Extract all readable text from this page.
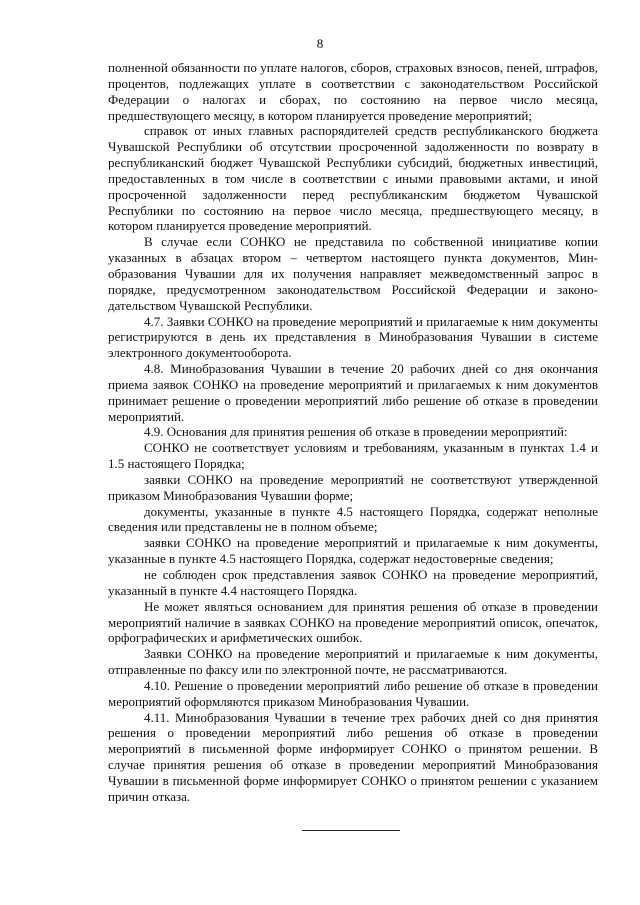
8

полненной обязанности по уплате налогов, сборов, страховых взносов, пеней, штрафов, процентов, подлежащих уплате в соответствии с законодательством Российской Федерации о налогах и сборах, по состоянию на первое число месяца, предшествующего месяцу, в котором планируется проведение мероприятий;

справок от иных главных распорядителей средств республиканского бюджета Чувашской Республики об отсутствии просроченной задолженности по возврату в республиканский бюджет Чувашской Республики субсидий, бюджетных инвестиций, предоставленных в том числе в соответствии с иными правовыми актами, и иной просроченной задолженности перед республиканским бюджетом Чувашской Республики по состоянию на первое число месяца, предшествующего месяцу, в котором планируется проведение мероприятий.

В случае если СОНКО не представила по собственной инициативе копии указанных в абзацах втором – четвертом настоящего пункта документов, Минобразования Чувашии для их получения направляет межведомственный запрос в порядке, предусмотренном законодательством Российской Федерации и законодательством Чувашской Республики.

4.7. Заявки СОНКО на проведение мероприятий и прилагаемые к ним документы регистрируются в день их представления в Минобразования Чувашии в системе электронного документооборота.

4.8. Минобразования Чувашии в течение 20 рабочих дней со дня окончания приема заявок СОНКО на проведение мероприятий и прилагаемых к ним документов принимает решение о проведении мероприятий либо решение об отказе в проведении мероприятий.

4.9. Основания для принятия решения об отказе в проведении мероприятий:

СОНКО не соответствует условиям и требованиям, указанным в пунктах 1.4 и 1.5 настоящего Порядка;

заявки СОНКО на проведение мероприятий не соответствуют утвержденной приказом Минобразования Чувашии форме;

документы, указанные в пункте 4.5 настоящего Порядка, содержат неполные сведения или представлены не в полном объеме;

заявки СОНКО на проведение мероприятий и прилагаемые к ним документы, указанные в пункте 4.5 настоящего Порядка, содержат недостоверные сведения;

не соблюден срок представления заявок СОНКО на проведение мероприятий, указанный в пункте 4.4 настоящего Порядка.

Не может являться основанием для принятия решения об отказе в проведении мероприятий наличие в заявках СОНКО на проведение мероприятий описок, опечаток, орфографических и арифметических ошибок.

Заявки СОНКО на проведение мероприятий и прилагаемые к ним документы, отправленные по факсу или по электронной почте, не рассматриваются.

4.10. Решение о проведении мероприятий либо решение об отказе в проведении мероприятий оформляются приказом Минобразования Чувашии.

4.11. Минобразования Чувашии в течение трех рабочих дней со дня принятия решения о проведении мероприятий либо решения об отказе в проведении мероприятий в письменной форме информирует СОНКО о принятом решении. В случае принятия решения об отказе в проведении мероприятий Минобразования Чувашии в письменной форме информирует СОНКО о принятом решении с указанием причин отказа.
